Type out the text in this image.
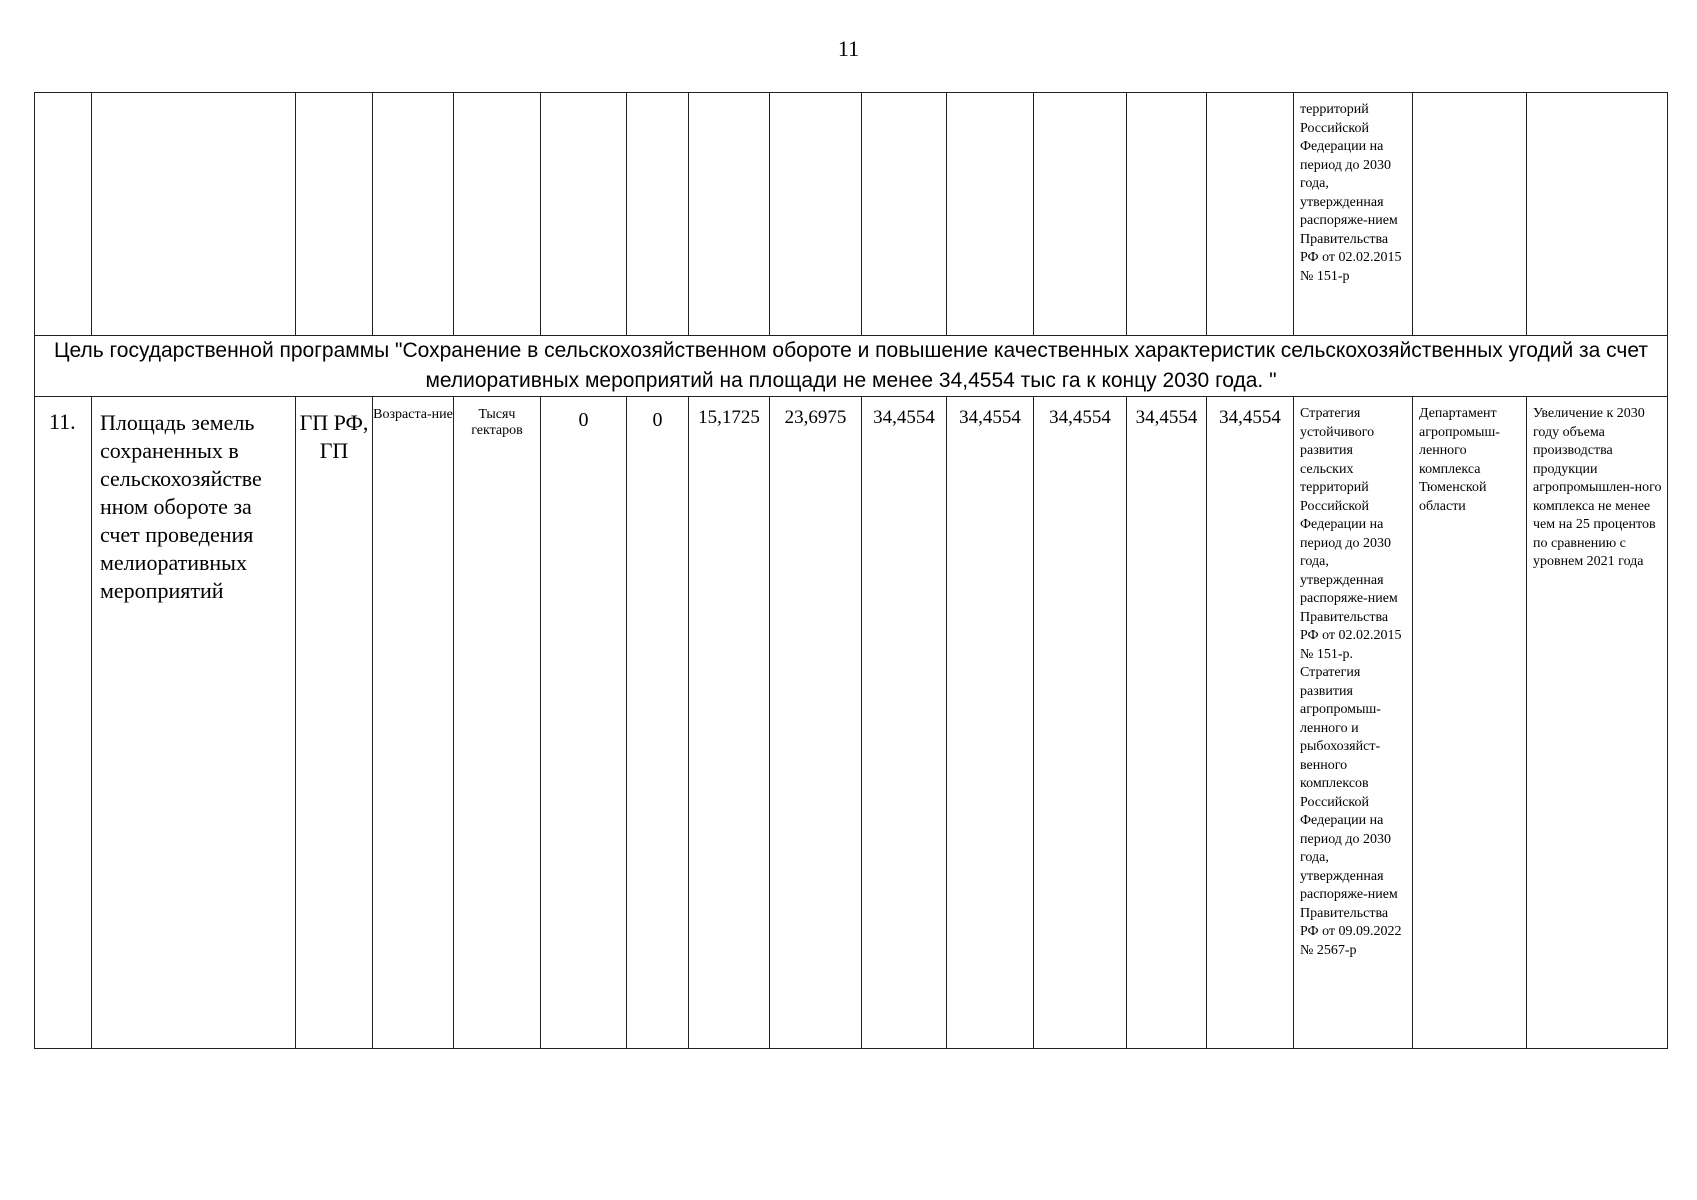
11
														территорий Российской Федерации на период до 2030 года, утвержденная распоряже-нием Правительства РФ от 02.02.2015 № 151-р		
Цель государственной программы "Сохранение в сельскохозяйственном обороте и повышение качественных характеристик сельскохозяйственных угодий за счет мелиоративных мероприятий на площади не менее 34,4554 тыс га к концу 2030 года. "																
11.	Площадь земель сохраненных в сельскохозяйстве нном обороте за счет проведения мелиоративных мероприятий	ГП РФ, ГП	Возраста-ние	Тысяч гектаров	0	0	15,1725	23,6975	34,4554	34,4554	34,4554	34,4554	34,4554	Стратегия устойчивого развития сельских территорий Российской Федерации на период до 2030 года, утвержденная распоряже-нием Правительства РФ от 02.02.2015 № 151-р. Стратегия развития агропромыш-ленного и рыбохозяйст-венного комплексов Российской Федерации на период до 2030 года, утвержденная распоряже-нием Правительства РФ от 09.09.2022 № 2567-р	Департамент агропромыш-ленного комплекса Тюменской области	Увеличение к 2030 году объема производства продукции агропромышлен-ного комплекса не менее чем на 25 процентов по сравнению с уровнем 2021 года
